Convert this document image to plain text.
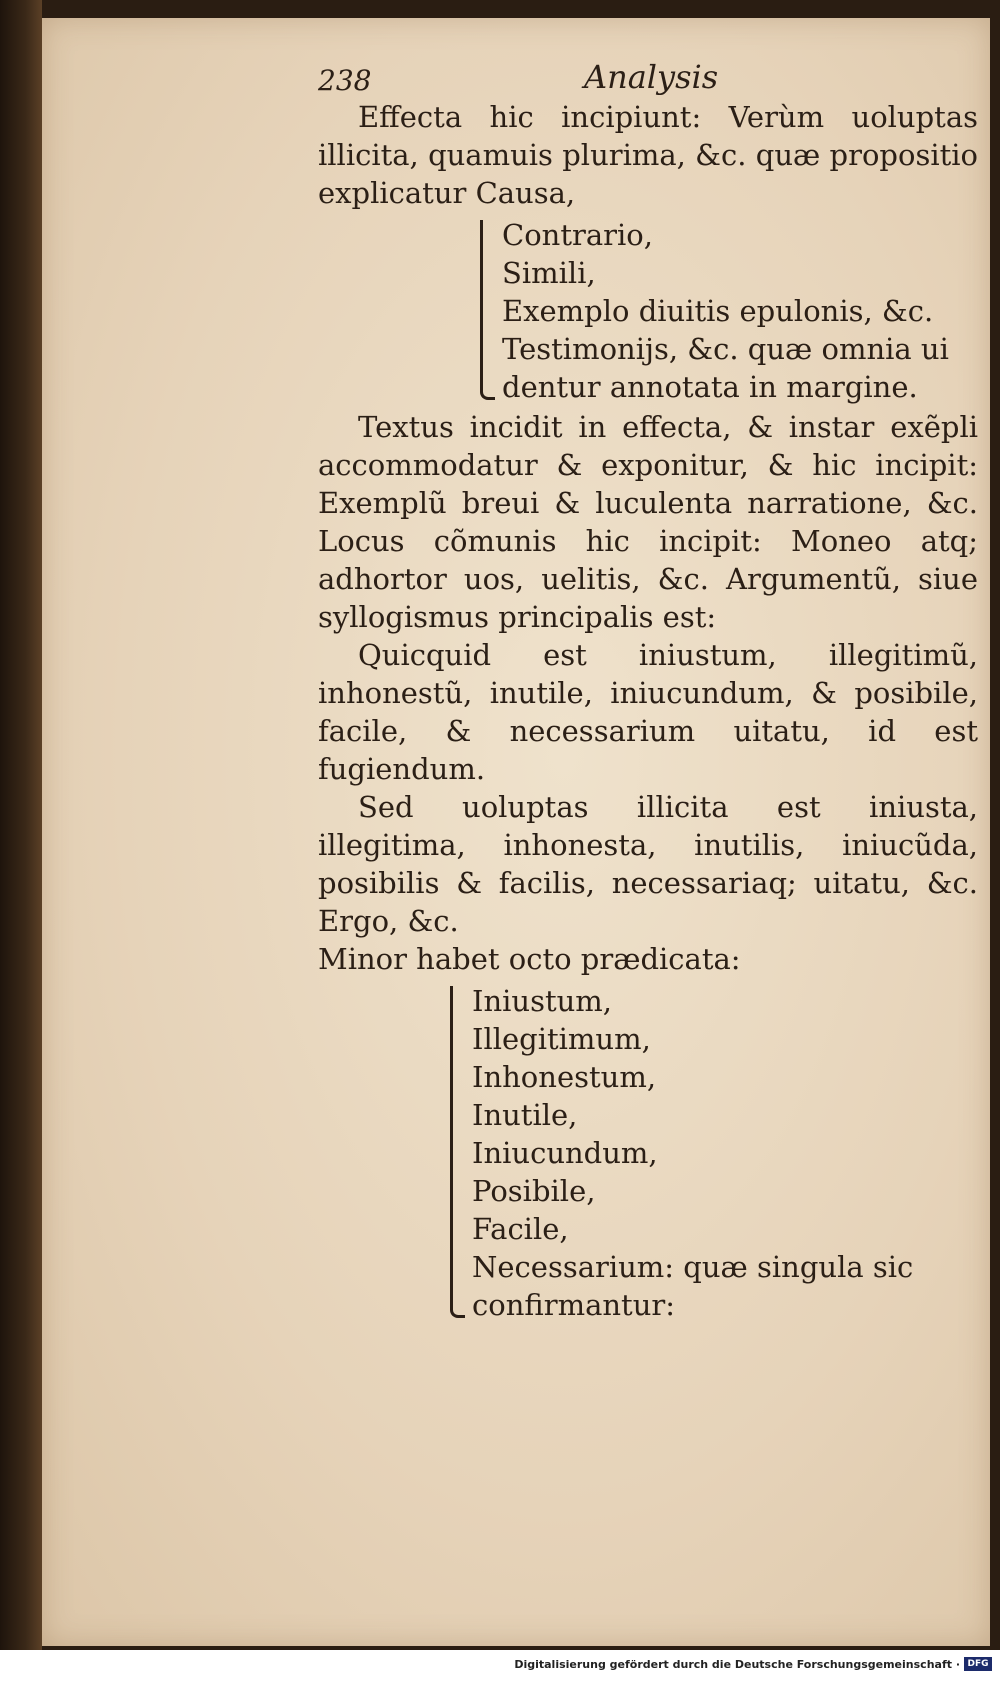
238	Analysis

Effecta hic incipiunt: Verùm uoluptas illicita, quamuis plurima, &c. quæ propositio explicatur Causa,

Contrario,
Simili,
Exemplo diuitis epulonis, &c.
Testimonijs, &c. quæ omnia ui dentur annotata in margine.

Textus incidit in effecta, & instar exẽpli accommodatur & exponitur, & hic incipit: Exemplũ breui & luculenta narratione, &c. Locus cõmunis hic incipit: Moneo atq; adhortor uos, uelitis, &c. Argumentũ, siue syllogismus principalis est:

Quicquid est iniustum, illegitimũ, inhonestũ, inutile, iniucundum, & posibile, facile, & necessarium uitatu, id est fugiendum.

Sed uoluptas illicita est iniusta, illegitima, inhonesta, inutilis, iniucũda, posibilis & facilis, necessariaq; uitatu, &c. Ergo, &c.

Minor habet octo prædicata:

Iniustum,
Illegitimum,
Inhonestum,
Inutile,
Iniucundum,
Posibile,
Facile,
Necessarium: quæ singula sic confirmantur:
Digitalisierung gefördert durch die Deutsche Forschungsgemeinschaft · DFG
